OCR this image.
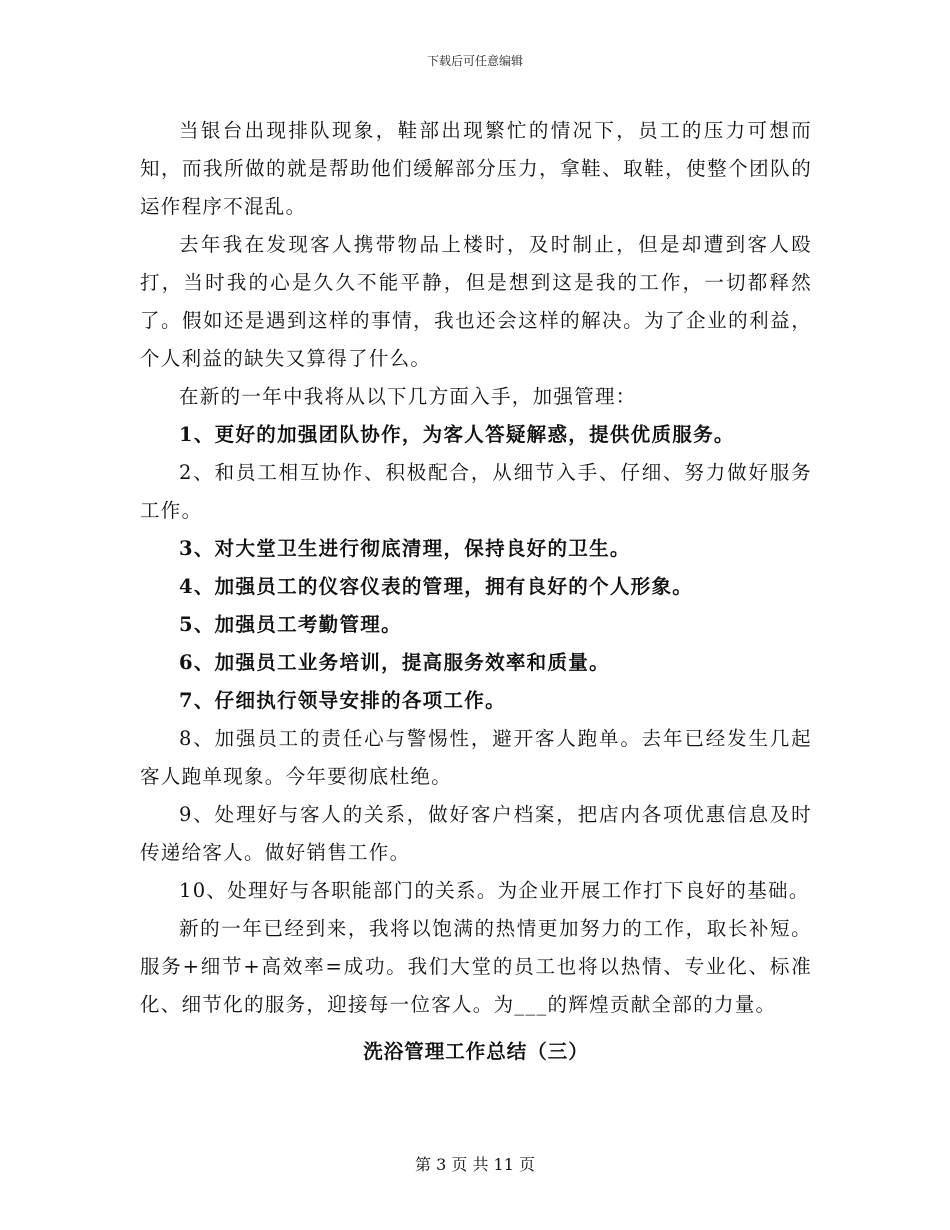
下载后可任意编辑

当银台出现排队现象，鞋部出现繁忙的情况下，员工的压力可想而知，而我所做的就是帮助他们缓解部分压力，拿鞋、取鞋，使整个团队的运作程序不混乱。

去年我在发现客人携带物品上楼时，及时制止，但是却遭到客人殴打，当时我的心是久久不能平静，但是想到这是我的工作，一切都释然了。假如还是遇到这样的事情，我也还会这样的解决。为了企业的利益，个人利益的缺失又算得了什么。

在新的一年中我将从以下几方面入手，加强管理：

1、更好的加强团队协作，为客人答疑解惑，提供优质服务。

2、和员工相互协作、积极配合，从细节入手、仔细、努力做好服务工作。

3、对大堂卫生进行彻底清理，保持良好的卫生。

4、加强员工的仪容仪表的管理，拥有良好的个人形象。

5、加强员工考勤管理。

6、加强员工业务培训，提高服务效率和质量。

7、仔细执行领导安排的各项工作。

8、加强员工的责任心与警惕性，避开客人跑单。去年已经发生几起客人跑单现象。今年要彻底杜绝。

9、处理好与客人的关系，做好客户档案，把店内各项优惠信息及时传递给客人。做好销售工作。

10、处理好与各职能部门的关系。为企业开展工作打下良好的基础。

新的一年已经到来，我将以饱满的热情更加努力的工作，取长补短。服务+细节+高效率=成功。我们大堂的员工也将以热情、专业化、标准化、细节化的服务，迎接每一位客人。为___的辉煌贡献全部的力量。

洗浴管理工作总结（三）
第 3 页 共 11 页
